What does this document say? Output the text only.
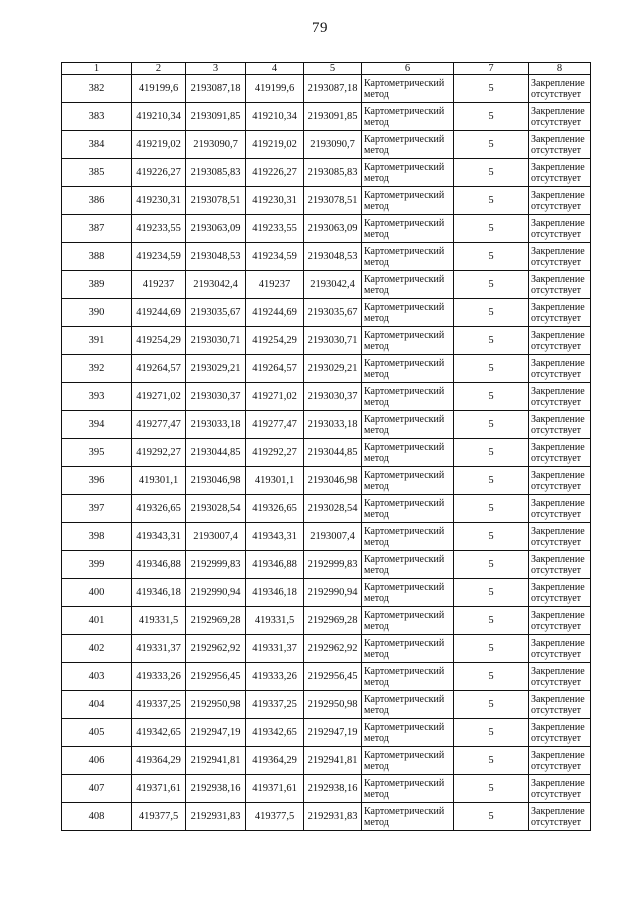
79
1	2	3	4	5	6	7	8
382	419199,6	2193087,18	419199,6	2193087,18	Картометрический метод	5	Закрепление отсутствует
383	419210,34	2193091,85	419210,34	2193091,85	Картометрический метод	5	Закрепление отсутствует
384	419219,02	2193090,7	419219,02	2193090,7	Картометрический метод	5	Закрепление отсутствует
385	419226,27	2193085,83	419226,27	2193085,83	Картометрический метод	5	Закрепление отсутствует
386	419230,31	2193078,51	419230,31	2193078,51	Картометрический метод	5	Закрепление отсутствует
387	419233,55	2193063,09	419233,55	2193063,09	Картометрический метод	5	Закрепление отсутствует
388	419234,59	2193048,53	419234,59	2193048,53	Картометрический метод	5	Закрепление отсутствует
389	419237	2193042,4	419237	2193042,4	Картометрический метод	5	Закрепление отсутствует
390	419244,69	2193035,67	419244,69	2193035,67	Картометрический метод	5	Закрепление отсутствует
391	419254,29	2193030,71	419254,29	2193030,71	Картометрический метод	5	Закрепление отсутствует
392	419264,57	2193029,21	419264,57	2193029,21	Картометрический метод	5	Закрепление отсутствует
393	419271,02	2193030,37	419271,02	2193030,37	Картометрический метод	5	Закрепление отсутствует
394	419277,47	2193033,18	419277,47	2193033,18	Картометрический метод	5	Закрепление отсутствует
395	419292,27	2193044,85	419292,27	2193044,85	Картометрический метод	5	Закрепление отсутствует
396	419301,1	2193046,98	419301,1	2193046,98	Картометрический метод	5	Закрепление отсутствует
397	419326,65	2193028,54	419326,65	2193028,54	Картометрический метод	5	Закрепление отсутствует
398	419343,31	2193007,4	419343,31	2193007,4	Картометрический метод	5	Закрепление отсутствует
399	419346,88	2192999,83	419346,88	2192999,83	Картометрический метод	5	Закрепление отсутствует
400	419346,18	2192990,94	419346,18	2192990,94	Картометрический метод	5	Закрепление отсутствует
401	419331,5	2192969,28	419331,5	2192969,28	Картометрический метод	5	Закрепление отсутствует
402	419331,37	2192962,92	419331,37	2192962,92	Картометрический метод	5	Закрепление отсутствует
403	419333,26	2192956,45	419333,26	2192956,45	Картометрический метод	5	Закрепление отсутствует
404	419337,25	2192950,98	419337,25	2192950,98	Картометрический метод	5	Закрепление отсутствует
405	419342,65	2192947,19	419342,65	2192947,19	Картометрический метод	5	Закрепление отсутствует
406	419364,29	2192941,81	419364,29	2192941,81	Картометрический метод	5	Закрепление отсутствует
407	419371,61	2192938,16	419371,61	2192938,16	Картометрический метод	5	Закрепление отсутствует
408	419377,5	2192931,83	419377,5	2192931,83	Картометрический метод	5	Закрепление отсутствует
